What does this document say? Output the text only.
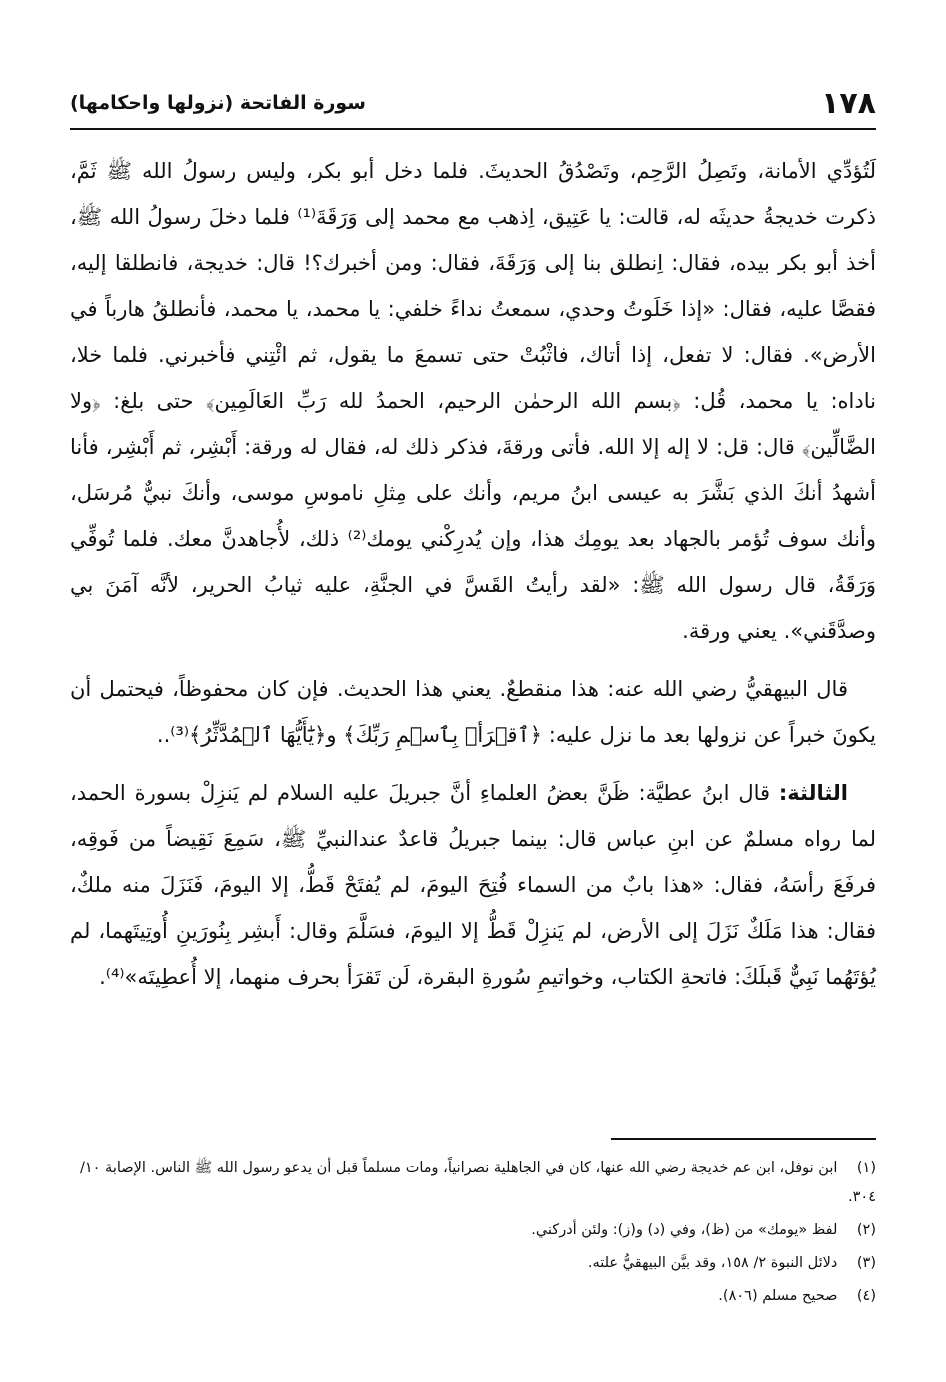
١٧٨
سورة الفاتحة (نزولها واحكامها)

لَتُؤدِّي الأمانة، وتَصِلُ الرَّحِم، وتَصْدُقُ الحديثَ. فلما دخل أبو بكر، وليس رسولُ الله ﷺ ثَمَّ، ذكرت خديجةُ حديثَه له، قالت: يا عَتِيق، اِذهب مع محمد إلى وَرَقَةَ⁽¹⁾ فلما دخلَ رسولُ الله ﷺ، أخذ أبو بكر بيده، فقال: اِنطلق بنا إلى وَرَقَةَ، فقال: ومن أخبرك؟! قال: خديجة، فانطلقا إليه، فقصَّا عليه، فقال: «إذا خَلَوتُ وحدي، سمعتُ نداءً خلفي: يا محمد، يا محمد، فأنطلقُ هارباً في الأرض». فقال: لا تفعل، إذا أتاك، فاثْبُتْ حتى تسمعَ ما يقول، ثم ائْتِني فأخبرني. فلما خلا، ناداه: يا محمد، قُل: ﴿بسم الله الرحمٰن الرحيم، الحمدُ لله رَبِّ العَالَمِين﴾ حتى بلغ: ﴿ولا الضَّالِّين﴾ قال: قل: لا إله إلا الله. فأتى ورقةَ، فذكر ذلك له، فقال له ورقة: أَبْشِر، ثم أَبْشِر، فأنا أشهدُ أنكَ الذي بَشَّرَ به عيسى ابنُ مريم، وأنك على مِثلِ ناموسِ موسى، وأنكَ نبيٌّ مُرسَل، وأنك سوف تُؤمر بالجهاد بعد يومِك هذا، وإن يُدرِكْني يومك⁽²⁾ ذلك، لأُجاهدنَّ معك. فلما تُوفِّي وَرَقَةُ، قال رسول الله ﷺ: «لقد رأيتُ القَسَّ في الجنَّةِ، عليه ثيابُ الحرير، لأنَّه آمَنَ بي وصدَّقَني». يعني ورقة.

قال البيهقيُّ رضي الله عنه: هذا منقطعٌ. يعني هذا الحديث. فإن كان محفوظاً، فيحتمل أن يكونَ خبراً عن نزولها بعد ما نزل عليه: ﴿ٱقۡرَأۡ بِٱسۡمِ رَبِّكَ﴾ و﴿يَٰٓأَيُّهَا ٱلۡمُدَّثِّرُ﴾⁽³⁾..

الثالثة: قال ابنُ عطيَّة: ظَنَّ بعضُ العلماءِ أنَّ جبريلَ عليه السلام لم يَنزِلْ بسورة الحمد، لما رواه مسلمٌ عن ابنِ عباس قال: بينما جبريلُ قاعدٌ عندالنبيِّ ﷺ، سَمِعَ نَقِيضاً من فَوقِه، فرفَعَ رأسَهُ، فقال: «هذا بابٌ من السماء فُتِحَ اليومَ، لم يُفتَحْ قَطُّ، إلا اليومَ، فَنَزَلَ منه ملكٌ، فقال: هذا مَلَكٌ نَزَلَ إلى الأرض، لم يَنزِلْ قَطُّ إلا اليومَ، فسَلَّمَ وقال: أَبشِر بِنُورَينِ أُوتِيتَهما، لم يُؤتَهُما نَبِيٌّ قَبلَكَ: فاتحةِ الكتاب، وخواتيمِ سُورةِ البقرة، لَن تَقرَأ بحرف منهما، إلا أُعطِيتَه»⁽⁴⁾.

(١) ابن نوفل، ابن عم خديجة رضي الله عنها، كان في الجاهلية نصرانياً، ومات مسلماً قبل أن يدعو رسول الله ﷺ الناس. الإصابة ١٠/ ٣٠٤.

(٢) لفظ «يومك» من (ظ)، وفي (د) و(ز): ولئن أدركني.

(٣) دلائل النبوة ٢/ ١٥٨، وقد بيَّن البيهقيُّ علته.

(٤) صحيح مسلم (٨٠٦).
